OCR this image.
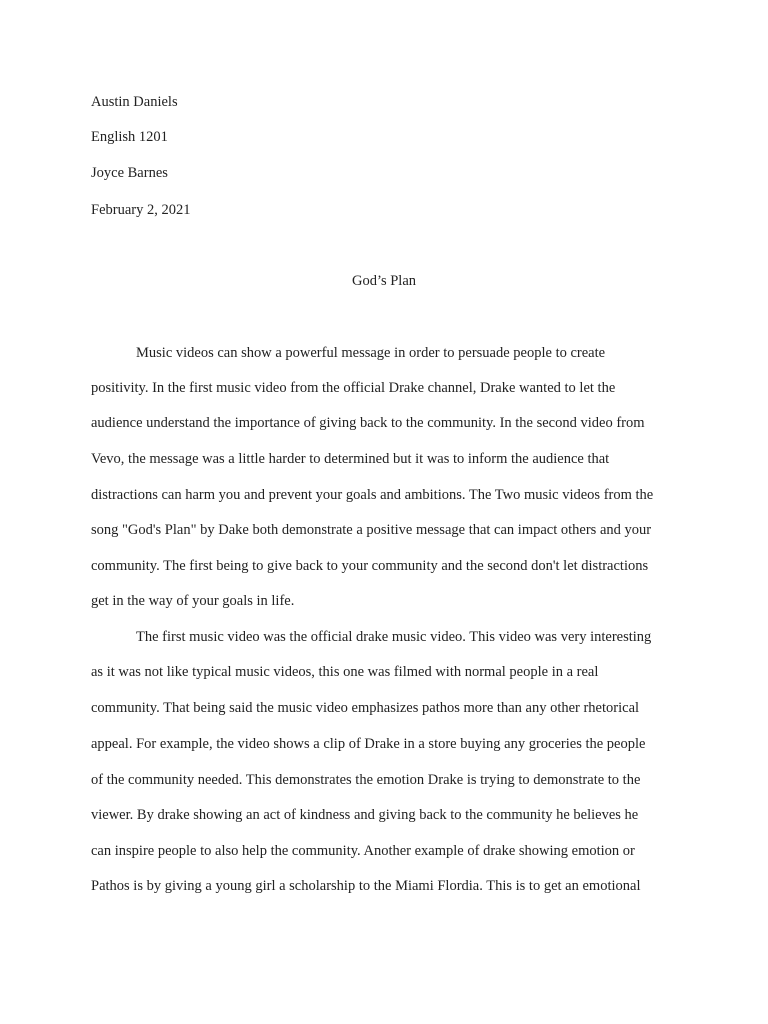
Austin Daniels
English 1201
Joyce Barnes
February 2, 2021
God’s Plan
Music videos can show a powerful message in order to persuade people to create
positivity. In the first music video from the official Drake channel, Drake wanted to let the
audience understand the importance of giving back to the community. In the second video from
Vevo, the message was a little harder to determined but it was to inform the audience that
distractions can harm you and prevent your goals and ambitions. The Two music videos from the
song "God's Plan" by Dake both demonstrate a positive message that can impact others and your
community. The first being to give back to your community and the second don't let distractions
get in the way of your goals in life.
The first music video was the official drake music video. This video was very interesting
as it was not like typical music videos, this one was filmed with normal people in a real
community. That being said the music video emphasizes pathos more than any other rhetorical
appeal. For example, the video shows a clip of Drake in a store buying any groceries the people
of the community needed. This demonstrates the emotion Drake is trying to demonstrate to the
viewer. By drake showing an act of kindness and giving back to the community he believes he
can inspire people to also help the community. Another example of drake showing emotion or
Pathos is by giving a young girl a scholarship to the Miami Flordia. This is to get an emotional
